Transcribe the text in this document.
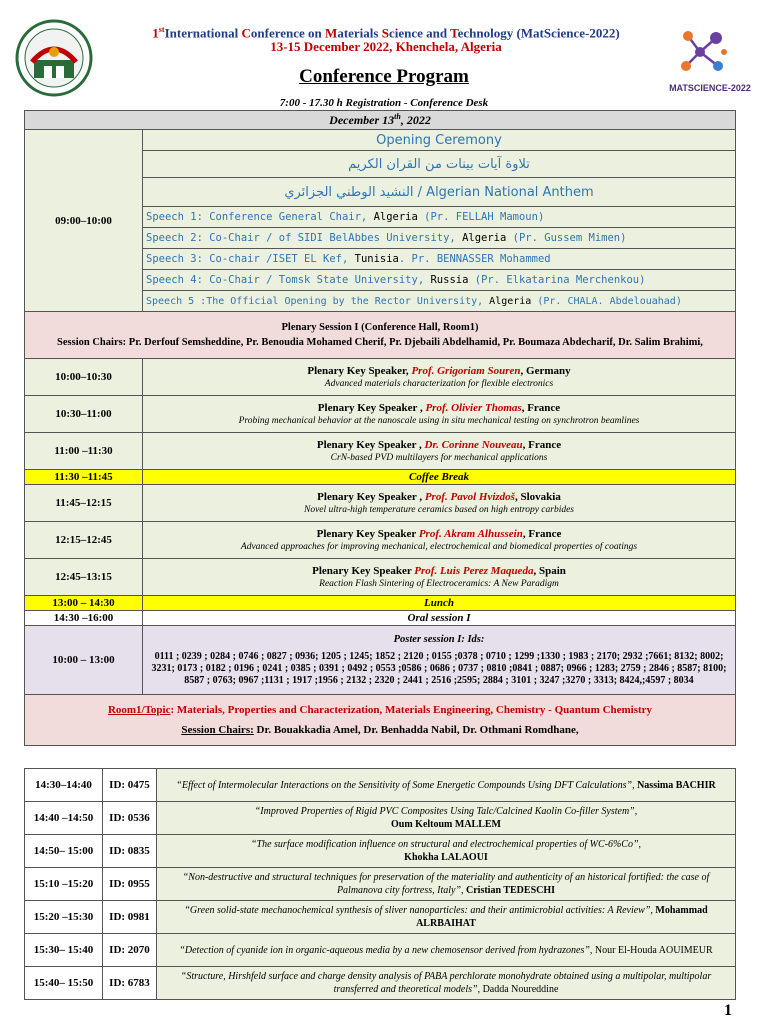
1stInternational Conference on Materials Science and Technology (MatScience-2022)
13-15 December 2022, Khenchela, Algeria
MATSCIENCE-2022
Conference Program
7:00 - 17.30 h Registration - Conference Desk
December 13th, 2022	
09:00–10:00	Opening Ceremony
	تلاوة آيات بينات من القران الكريم
	النشيد الوطني الجزائري / Algerian National Anthem
	Speech 1: Conference General Chair, Algeria (Pr. FELLAH Mamoun)
	Speech 2: Co-Chair / of SIDI BelAbbes University, Algeria (Pr. Gussem Mimen)
	Speech 3: Co-chair /ISET EL Kef, Tunisia. Pr. BENNASSER Mohammed
	Speech 4: Co-Chair / Tomsk State University, Russia (Pr. Elkatarina Merchenkou)
	Speech 5 :The Official Opening by the Rector University, Algeria (Pr. CHALA. Abdelouahad)

Plenary Session I (Conference Hall, Room1)
Session Chairs: Pr. Derfouf Semsheddine, Pr. Benoudia Mohamed Cherif, Pr. Djebaili Abdelhamid, Pr. Boumaza Abdecharif, Dr. Salim Brahimi,	

10:00–10:30	Plenary Key Speaker, Prof. Grigoriam Souren, Germany
Advanced materials characterization for flexible electronics

10:30–11:00	Plenary Key Speaker , Prof. Olivier Thomas, France
Probing mechanical behavior at the nanoscale using in situ mechanical testing on synchrotron beamlines

11:00 –11:30	Plenary Key Speaker , Dr. Corinne Nouveau, France
CrN-based PVD multilayers for mechanical applications

11:30 –11:45	Coffee Break
11:45–12:15	Plenary Key Speaker , Prof. Pavol Hvizdoš, Slovakia
Novel ultra-high temperature ceramics based on high entropy carbides

12:15–12:45	Plenary Key Speaker Prof. Akram Alhussein, France
Advanced approaches for improving mechanical, electrochemical and biomedical properties of coatings

12:45–13:15	Plenary Key Speaker Prof. Luis Perez Maqueda, Spain
Reaction Flash Sintering of Electroceramics: A New Paradigm

13:00 – 14:30	Lunch
14:30 –16:00	Oral session I
10:00 – 13:00	Poster session I: Ids:
0111 ; 0239 ; 0284 ; 0746 ; 0827 ; 0936; 1205 ; 1245; 1852 ; 2120 ; 0155 ;0378 ; 0710 ; 1299 ;1330 ; 1983 ; 2170; 2932 ;7661; 8132; 8002; 3231; 0173 ; 0182 ; 0196 ; 0241 ; 0385 ; 0391 ; 0492 ; 0553 ;0586 ; 0686 ; 0737 ; 0810 ;0841 ; 0887; 0966 ; 1283; 2759 ; 2846 ; 8587; 8100; 8587 ; 0763; 0967 ;1131 ; 1917 ;1956 ; 2132 ; 2320 ; 2441 ; 2516 ;2595; 2884 ; 3101 ; 3247 ;3270 ; 3313; 8424,;4597 ; 8034

Room1/Topic: Materials, Properties and Characterization, Materials Engineering, Chemistry - Quantum Chemistry
Session Chairs: Dr. Bouakkadia Amel, Dr. Benhadda Nabil, Dr. Othmani Romdhane,	
14:30–14:40	ID: 0475	“Effect of Intermolecular Interactions on the Sensitivity of Some Energetic Compounds Using DFT Calculations”, Nassima BACHIR
14:40 –14:50	ID: 0536	“Improved Properties of Rigid PVC Composites Using Talc/Calcined Kaolin Co-filler System”,
Oum Keltoum MALLEM
14:50– 15:00	ID: 0835	“The surface modification influence on structural and electrochemical properties of WC-6%Co”,
Khokha LALAOUI
15:10 –15:20	ID: 0955	“Non-destructive and structural techniques for preservation of the materiality and authenticity of an historical fortified: the case of Palmanova city fortress, Italy”, Cristian TEDESCHI
15:20 –15:30	ID: 0981	“Green solid-state mechanochemical synthesis of sliver nanoparticles: and their antimicrobial activities: A Review”, Mohammad ALRBAIHAT
15:30– 15:40	ID: 2070	“Detection of cyanide ion in organic-aqueous media by a new chemosensor derived from hydrazones”, Nour El-Houda AOUIMEUR
15:40– 15:50	ID: 6783	“Structure, Hirshfeld surface and charge density analysis of PABA perchlorate monohydrate obtained using a multipolar, multipolar transferred and theoretical models”, Dadda Noureddine
1
